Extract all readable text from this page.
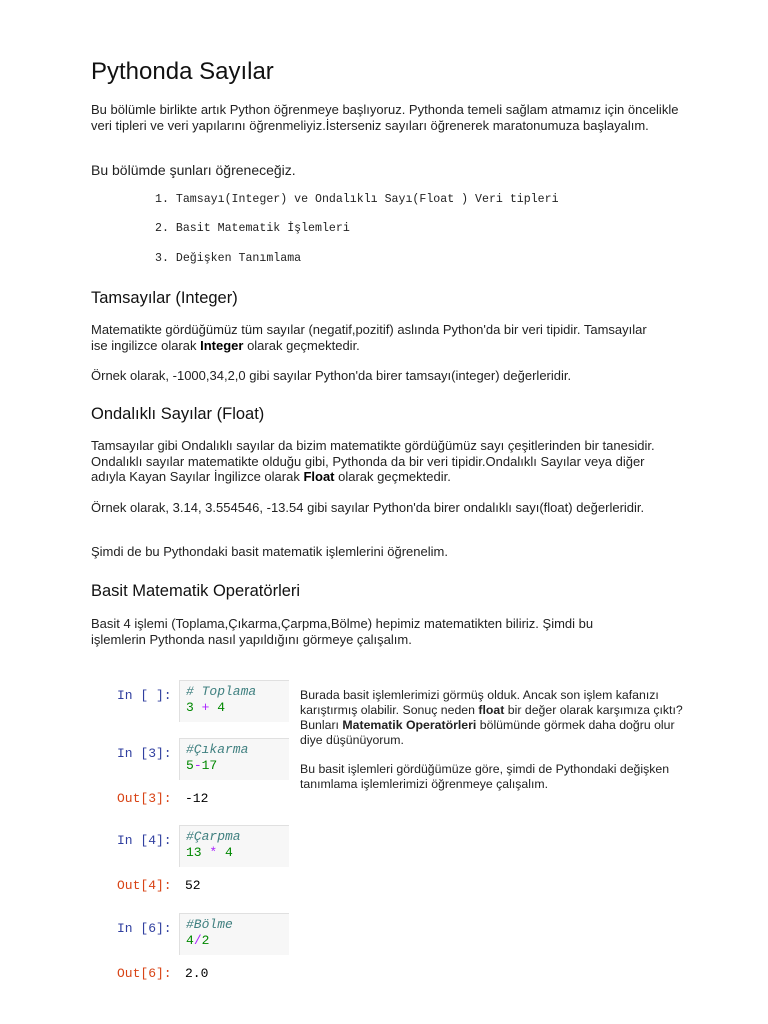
Pythonda Sayılar

Bu bölümle birlikte artık Python öğrenmeye başlıyoruz. Pythonda temeli sağlam atmamız için öncelikle veri tipleri ve veri yapılarını öğrenmeliyiz.İsterseniz sayıları öğrenerek maratonumuza başlayalım.

Bu bölümde şunları öğreneceğiz.

1. Tamsayı(Integer) ve Ondalıklı Sayı(Float ) Veri tipleri
2. Basit Matematik İşlemleri
3. Değişken Tanımlama
Tamsayılar (Integer)

Matematikte gördüğümüz tüm sayılar (negatif,pozitif) aslında Python'da bir veri tipidir. Tamsayılar ise ingilizce olarak Integer olarak geçmektedir.

Örnek olarak, -1000,34,2,0 gibi sayılar Python'da birer tamsayı(integer) değerleridir.

Ondalıklı Sayılar (Float)

Tamsayılar gibi Ondalıklı sayılar da bizim matematikte gördüğümüz sayı çeşitlerinden bir tanesidir. Ondalıklı sayılar matematikte olduğu gibi, Pythonda da bir veri tipidir.Ondalıklı Sayılar veya diğer adıyla Kayan Sayılar İngilizce olarak Float olarak geçmektedir.

Örnek olarak, 3.14, 3.554546, -13.54 gibi sayılar Python'da birer ondalıklı sayı(float) değerleridir.

Şimdi de bu Pythondaki basit matematik işlemlerini öğrenelim.

Basit Matematik Operatörleri

Basit 4 işlemi (Toplama,Çıkarma,Çarpma,Bölme) hepimiz matematikten biliriz. Şimdi bu işlemlerin Pythonda nasıl yapıldığını görmeye çalışalım.

In [ ]:	# Toplama
3 + 4
In [3]:	#Çıkarma
5-17
Out[3]:	-12
In [4]:	#Çarpma
13 * 4
Out[4]:	52
In [6]:	#Bölme
4/2
Out[6]:	2.0

Burada basit işlemlerimizi görmüş olduk. Ancak son işlem kafanızı karıştırmış olabilir. Sonuç neden float bir değer olarak karşımıza çıktı? Bunları Matematik Operatörleri bölümünde görmek daha doğru olur diye düşünüyorum.

Bu basit işlemleri gördüğümüze göre, şimdi de Pythondaki değişken tanımlama işlemlerimizi öğrenmeye çalışalım.
